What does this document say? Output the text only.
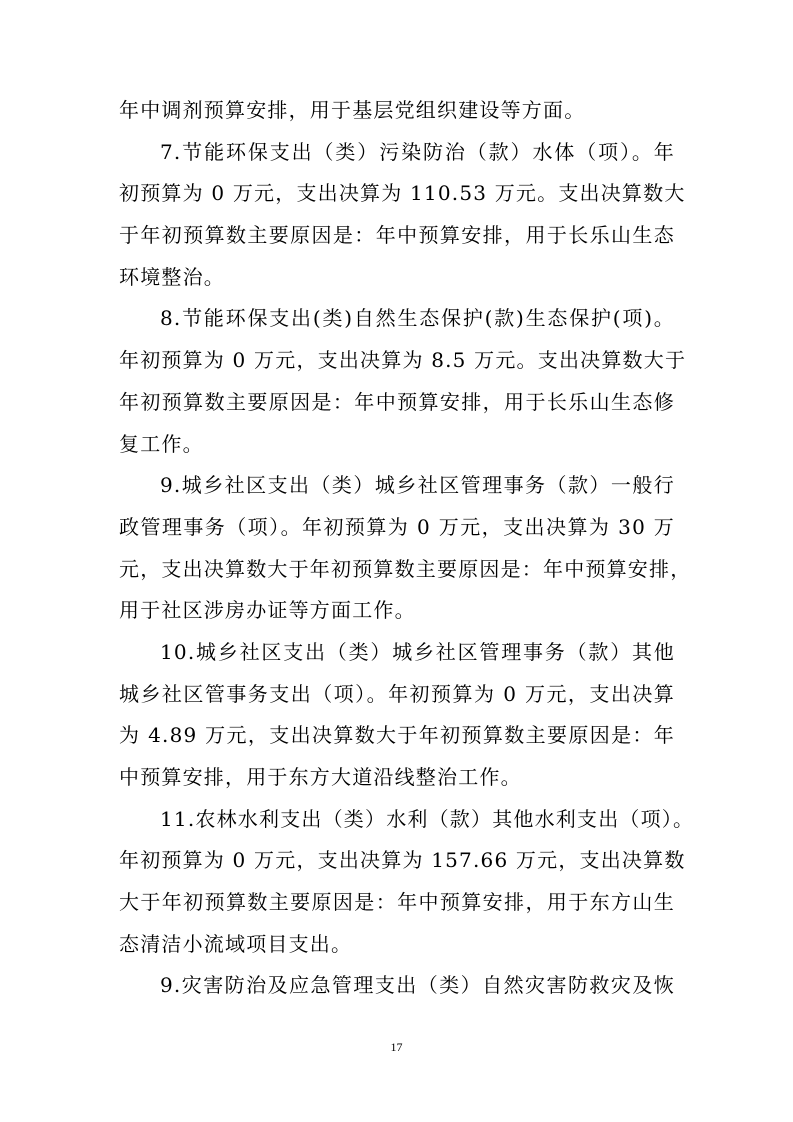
年中调剂预算安排，用于基层党组织建设等方面。
7.节能环保支出（类）污染防治（款）水体（项）。年
初预算为 0 万元，支出决算为 110.53 万元。支出决算数大
于年初预算数主要原因是：年中预算安排，用于长乐山生态
环境整治。
8.节能环保支出(类)自然生态保护(款)生态保护(项)。
年初预算为 0 万元，支出决算为 8.5 万元。支出决算数大于
年初预算数主要原因是：年中预算安排，用于长乐山生态修
复工作。
9.城乡社区支出（类）城乡社区管理事务（款）一般行
政管理事务（项）。年初预算为 0 万元，支出决算为 30 万
元，支出决算数大于年初预算数主要原因是：年中预算安排，
用于社区涉房办证等方面工作。
10.城乡社区支出（类）城乡社区管理事务（款）其他
城乡社区管事务支出（项）。年初预算为 0 万元，支出决算
为 4.89 万元，支出决算数大于年初预算数主要原因是：年
中预算安排，用于东方大道沿线整治工作。
11.农林水利支出（类）水利（款）其他水利支出（项）。
年初预算为 0 万元，支出决算为 157.66 万元，支出决算数
大于年初预算数主要原因是：年中预算安排，用于东方山生
态清洁小流域项目支出。
9.灾害防治及应急管理支出（类）自然灾害防救灾及恢
17
